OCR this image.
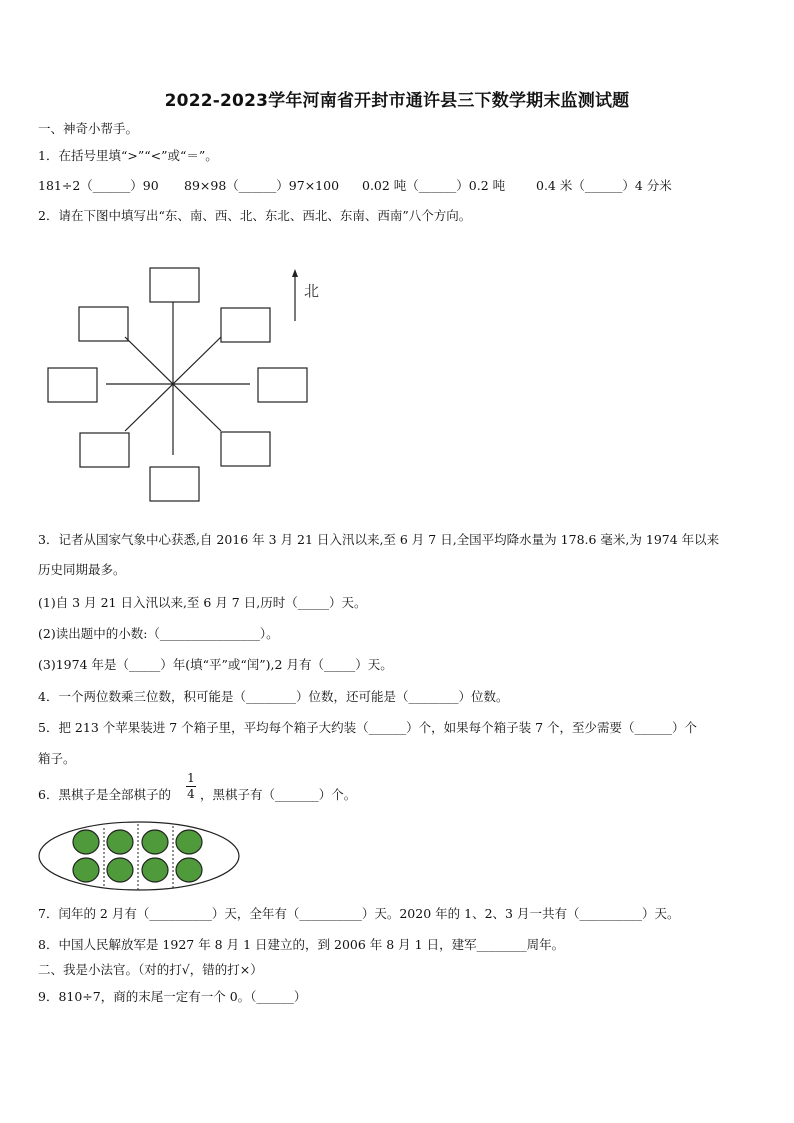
2022-2023学年河南省开封市通许县三下数学期末监测试题
一、神奇小帮手。
1．在括号里填“>”“<”或“＝”。
181÷2（______）90 89×98（______）97×100 0.02 吨（______）0.2 吨 0.4 米（______）4 分米
2．请在下图中填写出“东、南、西、北、东北、西北、东南、西南”八个方向。
北
3．记者从国家气象中心获悉,自 2016 年 3 月 21 日入汛以来,至 6 月 7 日,全国平均降水量为 178.6 毫米,为 1974 年以来
历史同期最多。
(1)自 3 月 21 日入汛以来,至 6 月 7 日,历时（_____）天。
(2)读出题中的小数:（________________）。
(3)1974 年是（_____）年(填“平”或“闰”),2 月有（_____）天。
4．一个两位数乘三位数，积可能是（________）位数，还可能是（________）位数。
5．把 213 个苹果装进 7 个箱子里，平均每个箱子大约装（______）个，如果每个箱子装 7 个，至少需要（______）个
箱子。
6．黑棋子是全部棋子的
1
4 ，黑棋子有（_______）个。
7．闰年的 2 月有（__________）天，全年有（__________）天。2020 年的 1、2、3 月一共有（__________）天。
8．中国人民解放军是 1927 年 8 月 1 日建立的，到 2006 年 8 月 1 日，建军________周年。
二、我是小法官。（对的打√，错的打×）
9．810÷7，商的末尾一定有一个 0。（______）
